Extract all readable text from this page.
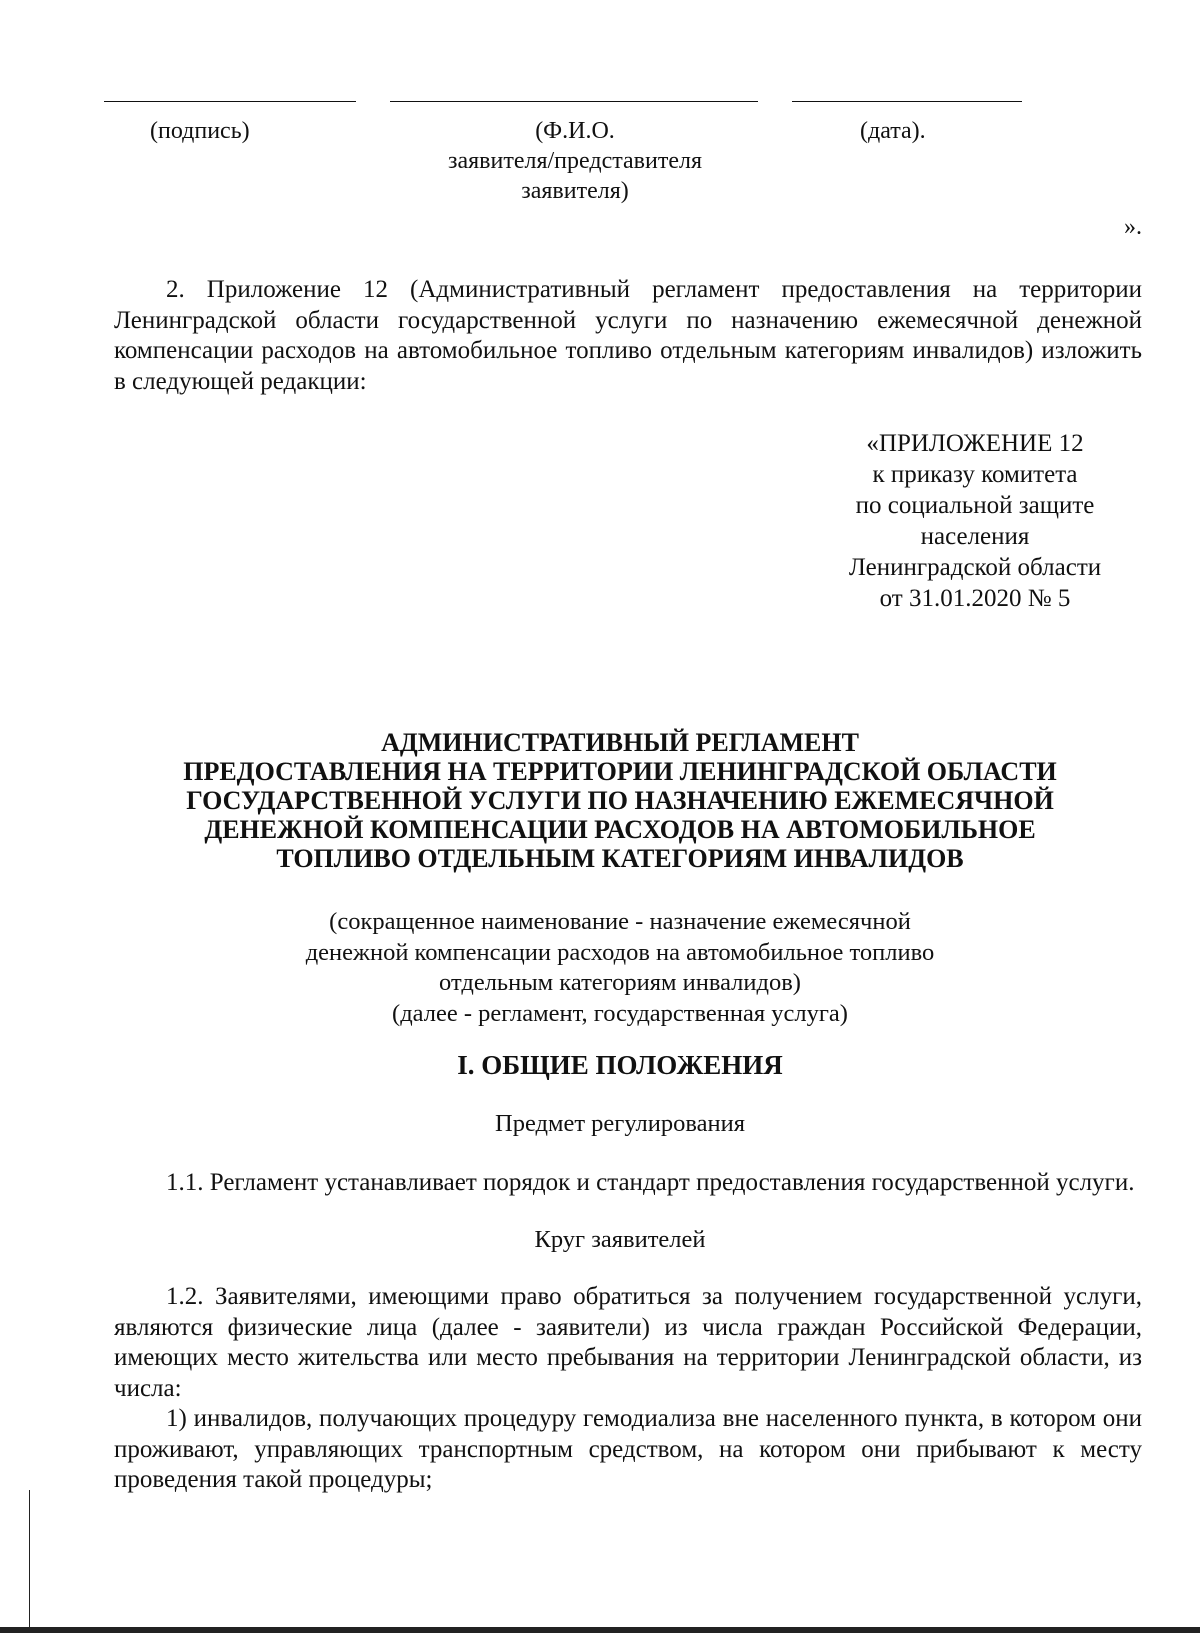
(подпись)	(Ф.И.О.
заявителя/представителя
заявителя)
(дата).
».
2. Приложение 12 (Административный регламент предоставления на территории Ленинградской области государственной услуги по назначению ежемесячной денежной компенсации расходов на автомобильное топливо отдельным категориям инвалидов) изложить в следующей редакции:
«ПРИЛОЖЕНИЕ 12
к приказу комитета
по социальной защите
населения
Ленинградской области
от 31.01.2020 № 5
АДМИНИСТРАТИВНЫЙ РЕГЛАМЕНТ
ПРЕДОСТАВЛЕНИЯ НА ТЕРРИТОРИИ ЛЕНИНГРАДСКОЙ ОБЛАСТИ
ГОСУДАРСТВЕННОЙ УСЛУГИ ПО НАЗНАЧЕНИЮ ЕЖЕМЕСЯЧНОЙ
ДЕНЕЖНОЙ КОМПЕНСАЦИИ РАСХОДОВ НА АВТОМОБИЛЬНОЕ
ТОПЛИВО ОТДЕЛЬНЫМ КАТЕГОРИЯМ ИНВАЛИДОВ
(сокращенное наименование - назначение ежемесячной
денежной компенсации расходов на автомобильное топливо
отдельным категориям инвалидов)
(далее - регламент, государственная услуга)
I. ОБЩИЕ ПОЛОЖЕНИЯ
Предмет регулирования
1.1. Регламент устанавливает порядок и стандарт предоставления государственной услуги.
Круг заявителей
1.2. Заявителями, имеющими право обратиться за получением государственной услуги, являются физические лица (далее - заявители) из числа граждан Российской Федерации, имеющих место жительства или место пребывания на территории Ленинградской области, из числа:
1) инвалидов, получающих процедуру гемодиализа вне населенного пункта, в котором они проживают, управляющих транспортным средством, на котором они прибывают к месту проведения такой процедуры;
